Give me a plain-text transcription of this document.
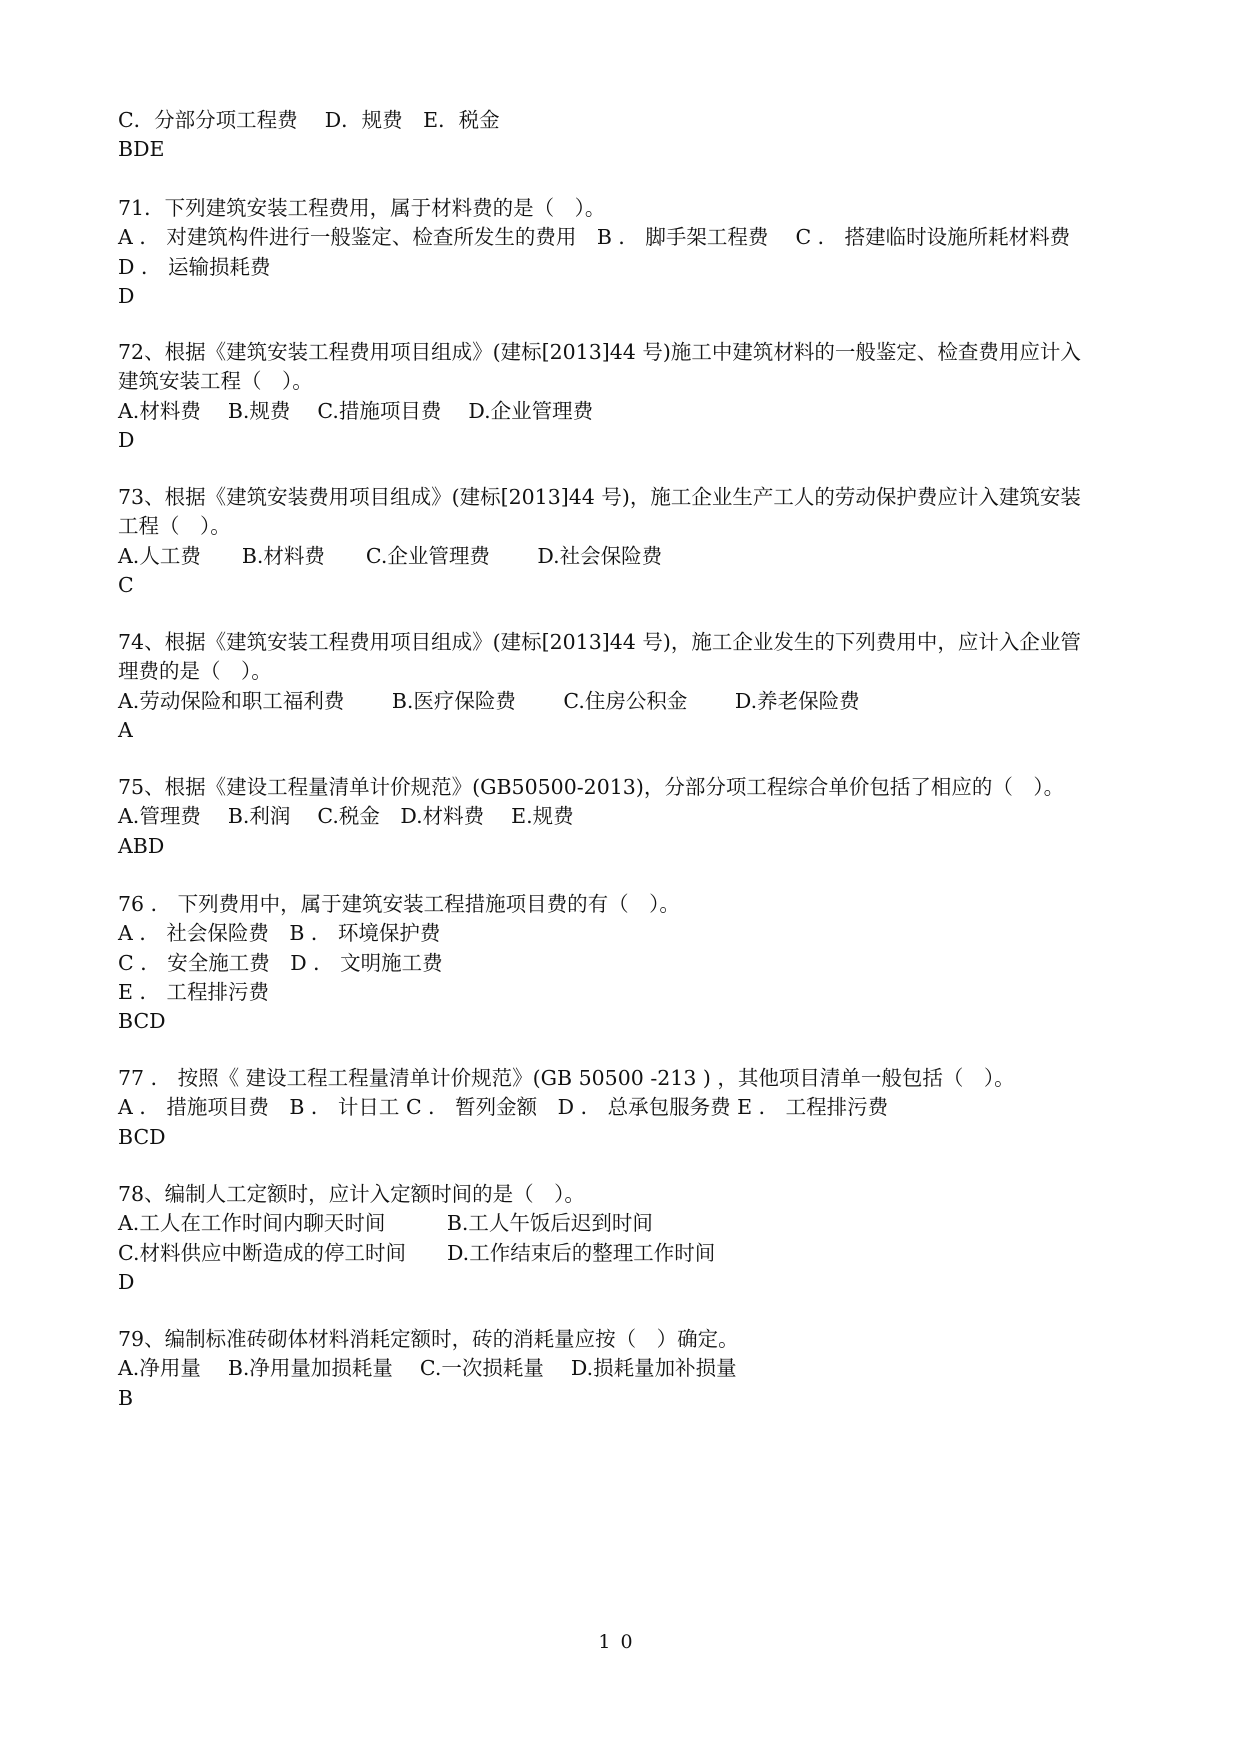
C．分部分项工程费　 D．规费　E．税金
BDE
71．下列建筑安装工程费用，属于材料费的是（　）。
A ． 对建筑构件进行一般鉴定、检查所发生的费用　B ． 脚手架工程费　 C ． 搭建临时设施所耗材料费
D ． 运输损耗费
D
72、根据《建筑安装工程费用项目组成》(建标[2013]44 号)施工中建筑材料的一般鉴定、检查费用应计入
建筑安装工程（　）。
A.材料费　 B.规费　 C.措施项目费　 D.企业管理费
D
73、根据《建筑安装费用项目组成》(建标[2013]44 号)，施工企业生产工人的劳动保护费应计入建筑安装
工程（　）。
A.人工费　　B.材料费　　C.企业管理费　　 D.社会保险费
C
74、根据《建筑安装工程费用项目组成》(建标[2013]44 号)，施工企业发生的下列费用中，应计入企业管
理费的是（　）。
A.劳动保险和职工福利费　　 B.医疗保险费　　 C.住房公积金　　 D.养老保险费
A
75、根据《建设工程量清单计价规范》(GB50500-2013)，分部分项工程综合单价包括了相应的（　）。
A.管理费　 B.利润　 C.税金　D.材料费　 E.规费
ABD
76 ． 下列费用中，属于建筑安装工程措施项目费的有（　）。
A ． 社会保险费　B ． 环境保护费
C ． 安全施工费　D ． 文明施工费
E ． 工程排污费
BCD
77 ． 按照《 建设工程工程量清单计价规范》(GB 50500 -213 ) ，其他项目清单一般包括（　）。
A ． 措施项目费　B ． 计日工 C ． 暂列金额　D ． 总承包服务费 E ． 工程排污费
BCD
78、编制人工定额时，应计入定额时间的是（　）。
A.工人在工作时间内聊天时间　　　B.工人午饭后迟到时间
C.材料供应中断造成的停工时间　　D.工作结束后的整理工作时间
D
79、编制标准砖砌体材料消耗定额时，砖的消耗量应按（　）确定。
A.净用量　 B.净用量加损耗量　 C.一次损耗量　 D.损耗量加补损量
B
10
